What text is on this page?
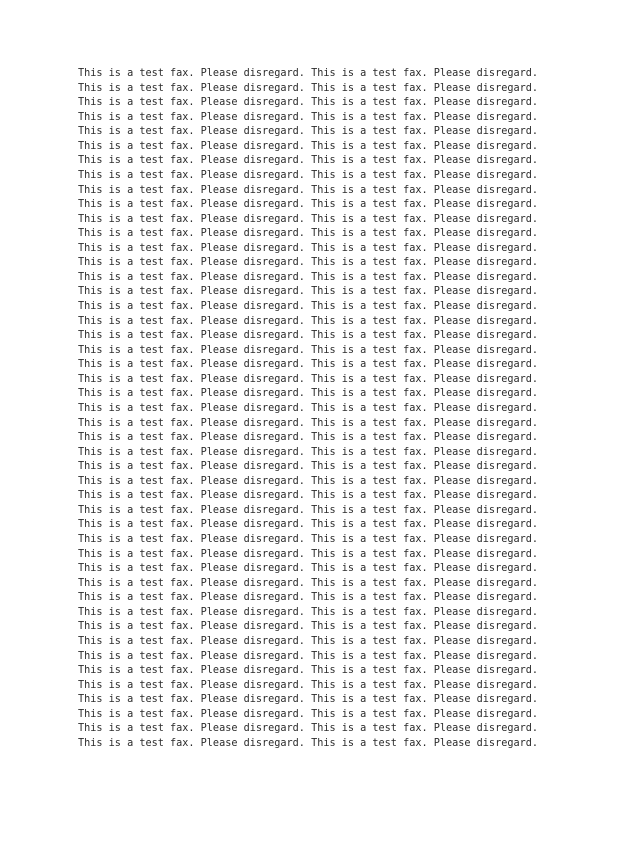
This is a test fax. Please disregard. This is a test fax. Please disregard.
This is a test fax. Please disregard. This is a test fax. Please disregard.
This is a test fax. Please disregard. This is a test fax. Please disregard.
This is a test fax. Please disregard. This is a test fax. Please disregard.
This is a test fax. Please disregard. This is a test fax. Please disregard.
This is a test fax. Please disregard. This is a test fax. Please disregard.
This is a test fax. Please disregard. This is a test fax. Please disregard.
This is a test fax. Please disregard. This is a test fax. Please disregard.
This is a test fax. Please disregard. This is a test fax. Please disregard.
This is a test fax. Please disregard. This is a test fax. Please disregard.
This is a test fax. Please disregard. This is a test fax. Please disregard.
This is a test fax. Please disregard. This is a test fax. Please disregard.
This is a test fax. Please disregard. This is a test fax. Please disregard.
This is a test fax. Please disregard. This is a test fax. Please disregard.
This is a test fax. Please disregard. This is a test fax. Please disregard.
This is a test fax. Please disregard. This is a test fax. Please disregard.
This is a test fax. Please disregard. This is a test fax. Please disregard.
This is a test fax. Please disregard. This is a test fax. Please disregard.
This is a test fax. Please disregard. This is a test fax. Please disregard.
This is a test fax. Please disregard. This is a test fax. Please disregard.
This is a test fax. Please disregard. This is a test fax. Please disregard.
This is a test fax. Please disregard. This is a test fax. Please disregard.
This is a test fax. Please disregard. This is a test fax. Please disregard.
This is a test fax. Please disregard. This is a test fax. Please disregard.
This is a test fax. Please disregard. This is a test fax. Please disregard.
This is a test fax. Please disregard. This is a test fax. Please disregard.
This is a test fax. Please disregard. This is a test fax. Please disregard.
This is a test fax. Please disregard. This is a test fax. Please disregard.
This is a test fax. Please disregard. This is a test fax. Please disregard.
This is a test fax. Please disregard. This is a test fax. Please disregard.
This is a test fax. Please disregard. This is a test fax. Please disregard.
This is a test fax. Please disregard. This is a test fax. Please disregard.
This is a test fax. Please disregard. This is a test fax. Please disregard.
This is a test fax. Please disregard. This is a test fax. Please disregard.
This is a test fax. Please disregard. This is a test fax. Please disregard.
This is a test fax. Please disregard. This is a test fax. Please disregard.
This is a test fax. Please disregard. This is a test fax. Please disregard.
This is a test fax. Please disregard. This is a test fax. Please disregard.
This is a test fax. Please disregard. This is a test fax. Please disregard.
This is a test fax. Please disregard. This is a test fax. Please disregard.
This is a test fax. Please disregard. This is a test fax. Please disregard.
This is a test fax. Please disregard. This is a test fax. Please disregard.
This is a test fax. Please disregard. This is a test fax. Please disregard.
This is a test fax. Please disregard. This is a test fax. Please disregard.
This is a test fax. Please disregard. This is a test fax. Please disregard.
This is a test fax. Please disregard. This is a test fax. Please disregard.
This is a test fax. Please disregard. This is a test fax. Please disregard.
